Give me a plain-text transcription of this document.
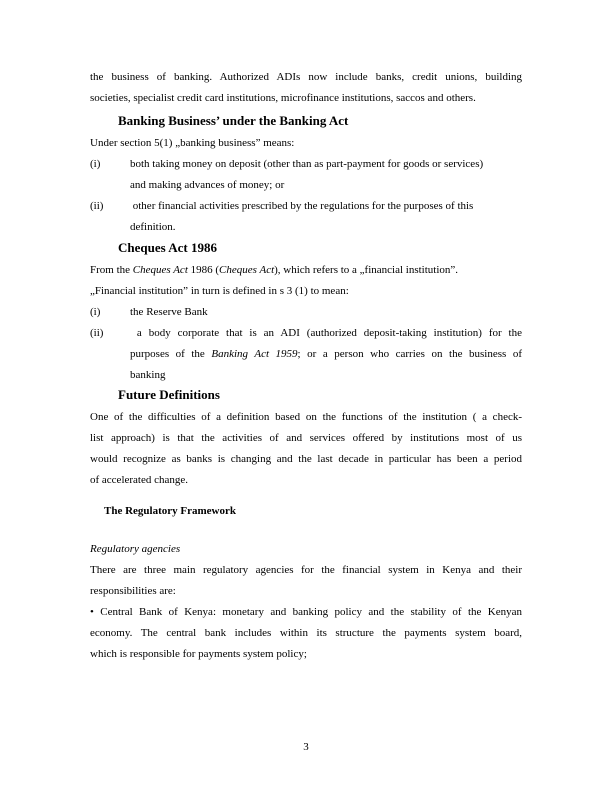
the business of banking. Authorized ADIs now include banks, credit unions, building
societies, specialist credit card institutions, microfinance institutions, saccos and others.
Banking Business’ under the Banking Act
Under section 5(1) „banking business” means:
(i)	both taking money on deposit (other than as part-payment for goods or services)
and making advances of money; or
(ii) other financial activities prescribed by the regulations for the purposes of this
definition.
Cheques Act 1986
From the Cheques Act 1986 (Cheques Act), which refers to a „financial institution”.
„Financial institution” in turn is defined in s 3 (1) to mean:
(i)	the Reserve Bank
(ii) a body corporate that is an ADI (authorized deposit-taking institution) for the
purposes of the Banking Act 1959; or a person who carries on the business of
banking
Future Definitions
One of the difficulties of a definition based on the functions of the institution ( a check-
list approach) is that the activities of and services offered by institutions most of us
would recognize as banks is changing and the last decade in particular has been a period
of accelerated change.
The Regulatory Framework
Regulatory agencies
There are three main regulatory agencies for the financial system in Kenya and their
responsibilities are:
• Central Bank of Kenya: monetary and banking policy and the stability of the Kenyan
economy. The central bank includes within its structure the payments system board,
which is responsible for payments system policy;
3
